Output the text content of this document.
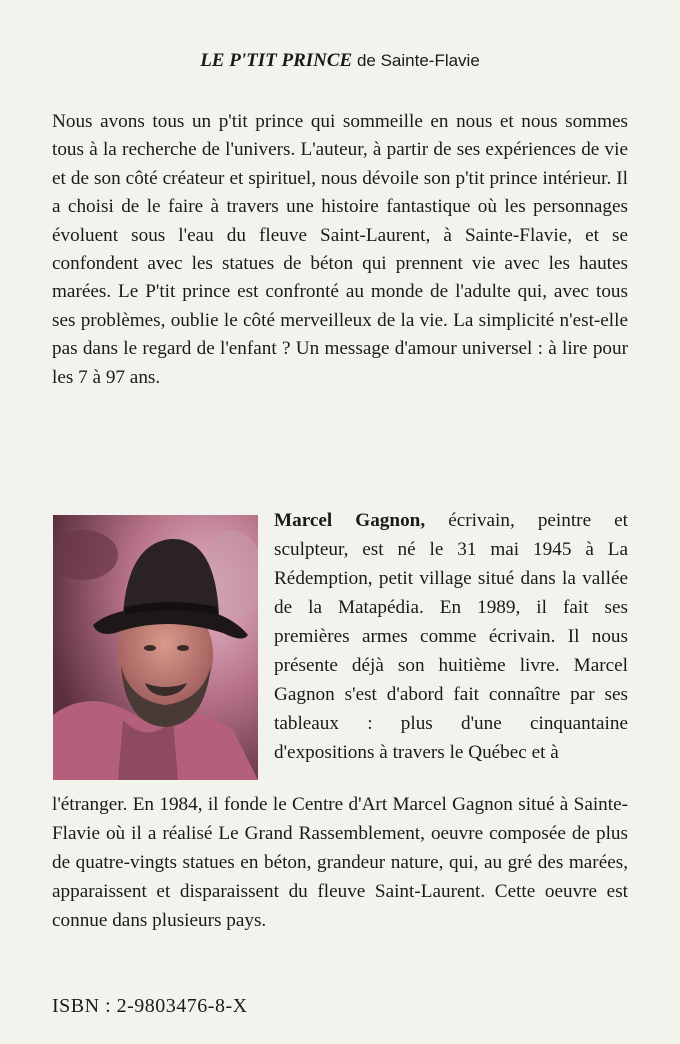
LE P'TIT PRINCE de Sainte-Flavie

Nous avons tous un p'tit prince qui sommeille en nous et nous sommes tous à la recherche de l'univers. L'auteur, à partir de ses expériences de vie et de son côté créateur et spirituel, nous dévoile son p'tit prince intérieur. Il a choisi de le faire à travers une histoire fantastique où les personnages évoluent sous l'eau du fleuve Saint-Laurent, à Sainte-Flavie, et se confondent avec les statues de béton qui prennent vie avec les hautes marées. Le P'tit prince est confronté au monde de l'adulte qui, avec tous ses problèmes, oublie le côté merveilleux de la vie. La simplicité n'est-elle pas dans le regard de l'enfant ? Un message d'amour universel : à lire pour les 7 à 97 ans.

Marcel Gagnon, écrivain, peintre et sculpteur, est né le 31 mai 1945 à La Rédemption, petit village situé dans la vallée de la Matapédia. En 1989, il fait ses premières armes comme écrivain. Il nous présente déjà son huitième livre. Marcel Gagnon s'est d'abord fait connaître par ses tableaux : plus d'une cinquantaine d'expositions à travers le Québec et à

l'étranger. En 1984, il fonde le Centre d'Art Marcel Gagnon situé à Sainte-Flavie où il a réalisé Le Grand Rassemblement, oeuvre composée de plus de quatre-vingts statues en béton, grandeur nature, qui, au gré des marées, apparaissent et disparaissent du fleuve Saint-Laurent. Cette oeuvre est connue dans plusieurs pays.

ISBN : 2-9803476-8-X
